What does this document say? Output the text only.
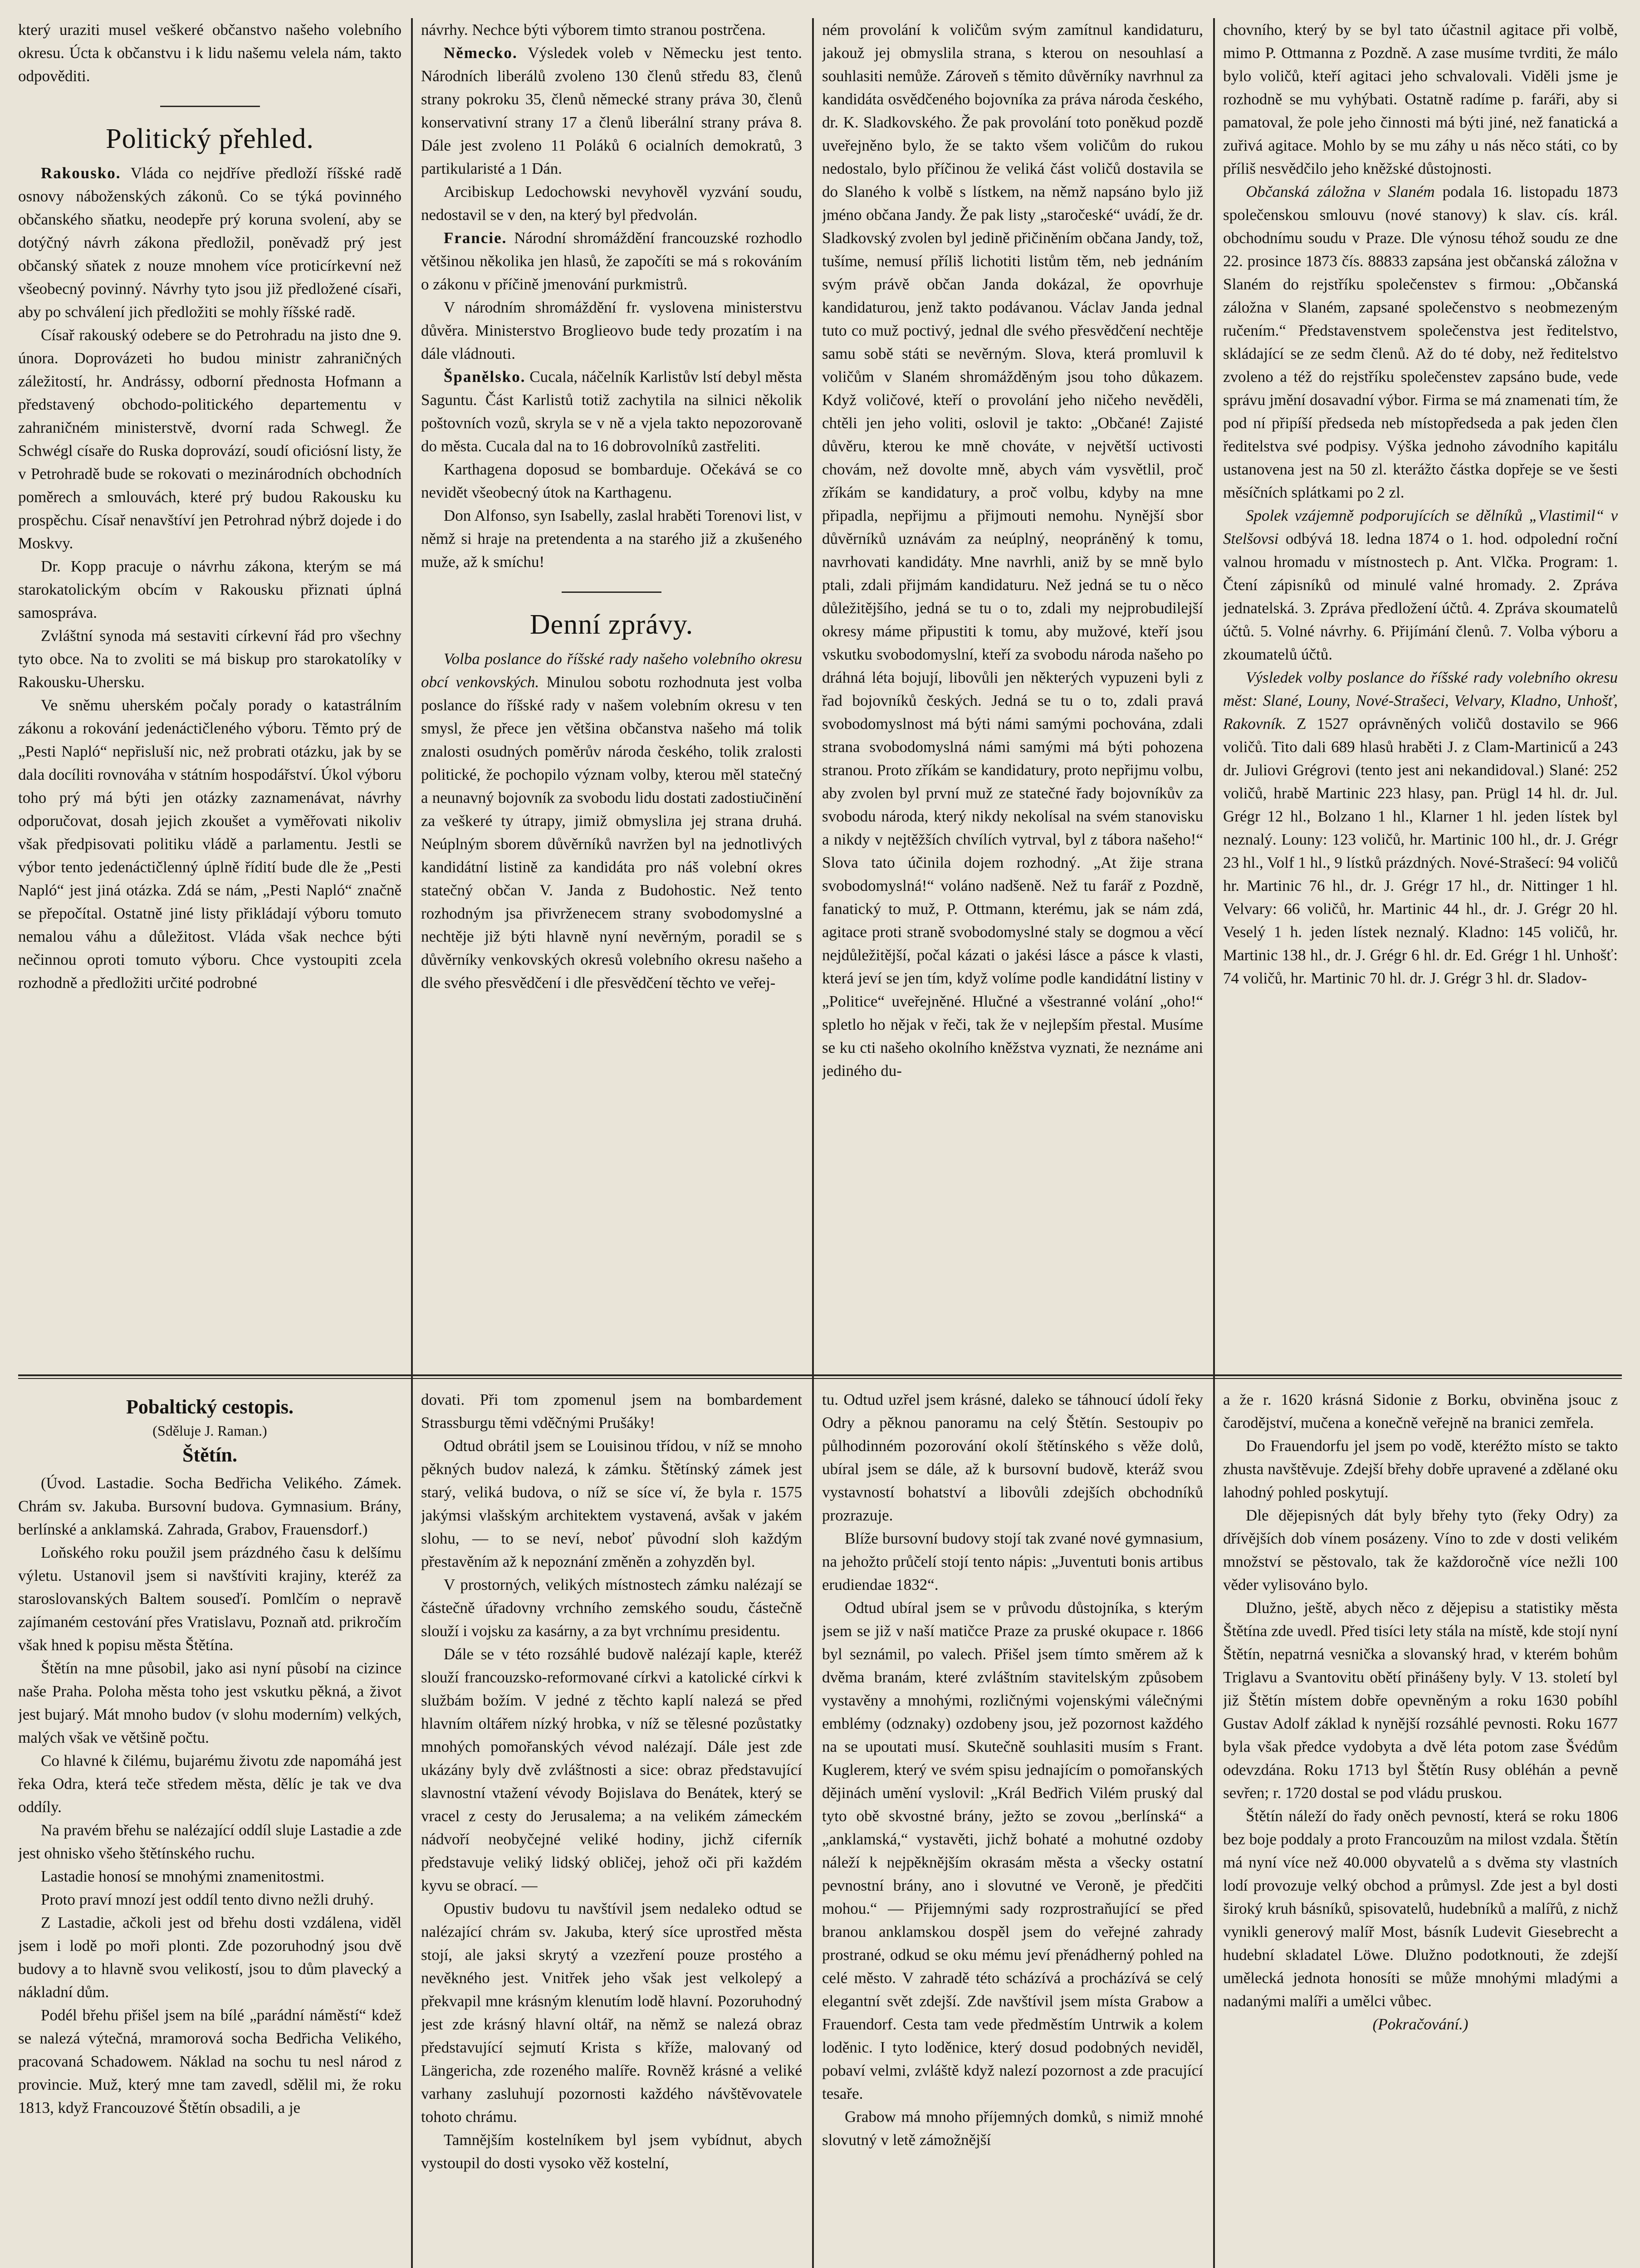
který uraziti musel veškeré občanstvo našeho volebního okresu. Úcta k občanstvu i k lidu našemu velela nám, takto odpověditi.

Politický přehled.

Rakousko. Vláda co nejdříve předloží říšské radě osnovy náboženských zákonů. Co se týká povinného občanského sňatku, neodepře prý koruna svolení, aby se dotýčný návrh zákona předložil, poněvadž prý jest občanský sňatek z nouze mnohem více proticírkevní než všeobecný povinný. Návrhy tyto jsou již předložené císaři, aby po schválení jich předložiti se mohly říšské radě.

Císař rakouský odebere se do Petrohradu na jisto dne 9. února. Doprovázeti ho budou ministr zahraničných záležitostí, hr. Andrássy, odborní přednosta Hofmann a představený obchodo-politického departementu v zahraničném ministerstvě, dvorní rada Schwegl. Že Schwégl císaře do Ruska doprovází, soudí oficiósní listy, že v Petrohradě bude se rokovati o mezinárodních obchodních poměrech a smlouvách, které prý budou Rakousku ku prospěchu. Císař nenavštíví jen Petrohrad nýbrž dojede i do Moskvy.

Dr. Kopp pracuje o návrhu zákona, kterým se má starokatolickým obcím v Rakousku přiznati úplná samospráva.

Zvláštní synoda má sestaviti církevní řád pro všechny tyto obce. Na to zvoliti se má biskup pro starokatolíky v Rakousku-Uhersku.

Ve sněmu uherském počaly porady o katastrálním zákonu a rokování jedenáctičleného výboru. Těmto prý de „Pesti Napló“ nepřisluší nic, než probrati otázku, jak by se dala docíliti rovnováha v státním hospodářství. Úkol výboru toho prý má býti jen otázky zaznamenávat, návrhy odporučovat, dosah jejich zkoušet a vyměřovati nikoliv však předpisovati politiku vládě a parlamentu. Jestli se výbor tento jedenáctičlenný úplně řídití bude dle že „Pesti Napló“ jest jiná otázka. Zdá se nám, „Pesti Napló“ značně se přepočítal. Ostatně jiné listy přikládají výboru tomuto nemalou váhu a důležitost. Vláda však nechce býti nečinnou oproti tomuto výboru. Chce vystoupiti zcela rozhodně a předložiti určité podrobné

návrhy. Nechce býti výborem timto stranou postrčena.

Německo. Výsledek voleb v Německu jest tento. Národních liberálů zvoleno 130 členů středu 83, členů strany pokroku 35, členů německé strany práva 30, členů konservativní strany 17 a členů liberální strany práva 8. Dále jest zvoleno 11 Poláků 6 ocialních demokratů, 3 partikularisté a 1 Dán.

Arcibiskup Ledochowski nevyhověl vyzvání soudu, nedostavil se v den, na který byl předvolán.

Francie. Národní shromáždění francouzské rozhodlo většinou několika jen hlasů, že započíti se má s rokováním o zákonu v příčině jmenování purkmistrů.

V národním shromáždění fr. vyslovena ministerstvu důvěra. Ministerstvo Broglieovo bude tedy prozatím i na dále vládnouti.

Španělsko. Cucala, náčelník Karlistův lstí debyl města Saguntu. Část Karlistů totiž zachytila na silnici několik poštovních vozů, skryla se v ně a vjela takto nepozorovaně do města. Cucala dal na to 16 dobrovolníků zastřeliti.

Karthagena doposud se bombarduje. Očekává se co nevidět všeobecný útok na Karthagenu.

Don Alfonso, syn Isabelly, zaslal hraběti Torenovi list, v němž si hraje na pretendenta a na starého již a zkušeného muže, až k smíchu!

Denní zprávy.

Volba poslance do říšské rady našeho volebního okresu obcí venkovských. Minulou sobotu rozhodnuta jest volba poslance do říšské rady v našem volebním okresu v ten smysl, že přece jen většina občanstva našeho má tolik znalosti osudných poměrův národa českého, tolik zralosti politické, že pochopilo význam volby, kterou měl statečný a neunavný bojovník za svobodu lidu dostati zadostiučinění za veškeré ty útrapy, jimiž obmysliла jej strana druhá. Neúplným sborem důvěrníků navržen byl na jednotlivých kandidátní listině za kandidáta pro náš volební okres statečný občan V. Janda z Budohostic. Než tento rozhodným jsa přivrženecem strany svobodomyslné a nechtěje již býti hlavně nyní nevěrným, poradil se s důvěrníky venkovských okresů volebního okresu našeho a dle svého přesvědčení i dle přesvědčení těchto ve veřej-

ném provolání k voličům svým zamítnul kandidaturu, jakouž jej obmyslila strana, s kterou on nesouhlasí a souhlasiti nemůže. Zároveň s těmito důvěrníky navrhnul za kandidáta osvědčeného bojovníka za práva národa českého, dr. K. Sladkovského. Že pak provolání toto poněkud pozdě uveřejněno bylo, že se takto všem voličům do rukou nedostalo, bylo příčinou že veliká část voličů dostavila se do Slaného k volbě s lístkem, na němž napsáno bylo již jméno občana Jandy. Že pak listy „staročeské“ uvádí, že dr. Sladkovský zvolen byl jedině přičiněním občana Jandy, tož, tušíme, nemusí příliš lichotiti listům těm, neb jednáním svým právě občan Janda dokázal, že opovrhuje kandidaturou, jenž takto podávanou. Václav Janda jednal tuto co muž poctivý, jednal dle svého přesvědčení nechtěje samu sobě státi se nevěrným. Slova, která promluvil k voličům v Slaném shromážděným jsou toho důkazem. Když voličové, kteří o provolání jeho ničeho nevěděli, chtěli jen jeho voliti, oslovil je takto: „Občané! Zajisté důvěru, kterou ke mně chováte, v největší uctivosti chovám, než dovolte mně, abych vám vysvětlil, proč zříkám se kandidatury, a proč volbu, kdyby na mne připadla, nepřijmu a přijmouti nemohu. Nynější sbor důvěrníků uznávám za neúplný, neopráněný k tomu, navrhovati kandidáty. Mne navrhli, aniž by se mně bylo ptali, zdali přijmám kandidaturu. Než jedná se tu o něco důležitějšího, jedná se tu o to, zdali my nejprobudilejší okresy máme připustiti k tomu, aby mužové, kteří jsou vskutku svobodomyslní, kteří za svobodu národa našeho po dráhná léta bojují, libovůli jen některých vypuzeni byli z řad bojovníků českých. Jedná se tu o to, zdali pravá svobodomyslnost má býti námi samými pochována, zdali strana svobodomyslná námi samými má býti pohozena stranou. Proto zříkám se kandidatury, proto nepřijmu volbu, aby zvolen byl první muž ze statečné řady bojovníkův za svobodu národa, který nikdy nekolísal na svém stanovisku a nikdy v nejtěžších chvílích vytrval, byl z tábora našeho!“ Slova tato účinila dojem rozhodný. „At žije strana svobodomyslná!“ voláno nadšeně. Než tu farář z Pozdně, fanatický to muž, P. Ottmann, kterému, jak se nám zdá, agitace proti straně svobodomyslné staly se dogmou a věcí nejdůležitější, počal kázati o jakési lásce a pásce k vlasti, která jeví se jen tím, když volíme podle kandidátní listiny v „Politice“ uveřejněné. Hlučné a všestranné volání „oho!“ spletlo ho nějak v řeči, tak že v nejlepším přestal. Musíme se ku cti našeho okolního kněžstva vyznati, že neznáme ani jediného du-

chovního, který by se byl tato účastnil agitace při volbě, mimo P. Ottmanna z Pozdně. A zase musíme tvrditi, že málo bylo voličů, kteří agitaci jeho schvalovali. Viděli jsme je rozhodně se mu vyhýbati. Ostatně radíme p. faráři, aby si pamatoval, že pole jeho činnosti má býti jiné, než fanatická a zuřivá agitace. Mohlo by se mu záhy u nás něco státi, co by příliš nesvědčilo jeho kněžské důstojnosti.

Občanská záložna v Slaném podala 16. listopadu 1873 společenskou smlouvu (nové stanovy) k slav. cís. král. obchodnímu soudu v Praze. Dle výnosu téhož soudu ze dne 22. prosince 1873 čís. 88833 zapsána jest občanská záložna v Slaném do rejstříku společenstev s firmou: „Občanská záložna v Slaném, zapsané společenstvo s neobmezeným ručením.“ Představenstvem společenstva jest ředitelstvo, skládající se ze sedm členů. Až do té doby, než ředitelstvo zvoleno a též do rejstříku společenstev zapsáno bude, vede správu jmění dosavadní výbor. Firma se má znamenati tím, že pod ní připíší předseda neb místopředseda a pak jeden člen ředitelstva své podpisy. Výška jednoho závodního kapitálu ustanovena jest na 50 zl. kterážto částka dopřeje se ve šesti měsíčních splátkami po 2 zl.

Spolek vzájemně podporujících se dělníků „Vlastimil“ v Stelšovsi odbývá 18. ledna 1874 o 1. hod. odpolední roční valnou hromadu v místnostech p. Ant. Vlčka. Program: 1. Čtení zápisníků od minulé valné hromady. 2. Zpráva jednatelská. 3. Zpráva předložení účtů. 4. Zpráva skoumatelů účtů. 5. Volné návrhy. 6. Přijímání členů. 7. Volba výboru a zkoumatelů účtů.

Výsledek volby poslance do říšské rady volebního okresu měst: Slané, Louny, Nové-Strašeci, Velvary, Kladno, Unhošť, Rakovník. Z 1527 oprávněných voličů dostavilo se 966 voličů. Tito dali 689 hlasů hraběti J. z Clam-Martinicű a 243 dr. Juliovi Grégrovi (tento jest ani nekandidoval.) Slané: 252 voličů, hrabě Martinic 223 hlasy, pan. Prügl 14 hl. dr. Jul. Grégr 12 hl., Bolzano 1 hl., Klarner 1 hl. jeden lístek byl neznalý. Louny: 123 voličů, hr. Martinic 100 hl., dr. J. Grégr 23 hl., Volf 1 hl., 9 lístků prázdných. Nové-Strašecí: 94 voličů hr. Martinic 76 hl., dr. J. Grégr 17 hl., dr. Nittinger 1 hl. Velvary: 66 voličů, hr. Martinic 44 hl., dr. J. Grégr 20 hl. Veselý 1 h. jeden lístek neznalý. Kladno: 145 voličů, hr. Martinic 138 hl., dr. J. Grégr 6 hl. dr. Ed. Grégr 1 hl. Unhošť: 74 voličů, hr. Martinic 70 hl. dr. J. Grégr 3 hl. dr. Sladov-

Pobaltický cestopis.
(Sděluje J. Raman.)
Štětín.

(Úvod. Lastadie. Socha Bedřicha Velikého. Zámek. Chrám sv. Jakuba. Bursovní budova. Gymnasium. Brány, berlínské a anklamská. Zahrada, Grabov, Frauensdorf.)

Loňského roku použil jsem prázdného času k delšímu výletu. Ustanovil jsem si navštíviti krajiny, kteréž za staroslovanských Baltem souseďí. Pomlčím o nepravě zajímaném cestování přes Vratislavu, Poznaň atd. prikročím však hned k popisu města Štětína.

Štětín na mne působil, jako asi nyní působí na cizince naše Praha. Poloha města toho jest vskutku pěkná, a život jest bujarý. Mát mnoho budov (v slohu moderním) velkých, malých však ve většině počtu.

Co hlavné k čilému, bujarému životu zde napomáhá jest řeka Odra, která teče středem města, dělíc je tak ve dva oddíly.

Na pravém břehu se nalézající oddíl sluje Lastadie a zde jest ohnisko všeho štětínského ruchu.

Lastadie honosí se mnohými znamenitostmi.

Proto praví mnozí jest oddíl tento divno nežli druhý.

Z Lastadie, ačkoli jest od břehu dosti vzdálena, viděl jsem i lodě po moři plonti. Zde pozoruhodný jsou dvě budovy a to hlavně svou velikostí, jsou to dům plavecký a nákladní dům.

Podél břehu přišel jsem na bílé „parádní náměstí“ kdež se nalezá výtečná, mramorová socha Bedřicha Velikého, pracovaná Schadowem. Náklad na sochu tu nesl národ z provincie. Muž, který mne tam zavedl, sdělil mi, že roku 1813, když Francouzové Štětín obsadili, a je

dovati. Při tom zpomenul jsem na bombardement Strassburgu těmi vděčnými Prušáky!

Odtud obrátil jsem se Louisinou třídou, v níž se mnoho pěkných budov nalezá, k zámku. Štětínský zámek jest starý, veliká budova, o níž se síce ví, že byla r. 1575 jakýmsi vlašským architektem vystavená, avšak v jakém slohu, — to se neví, neboť původní sloh každým přestavěním až k nepoznání změněn a zohyzděn byl.

V prostorných, velikých místnostech zámku nalézají se částečně úřadovny vrchního zemského soudu, částečně slouží i vojsku za kasárny, a za byt vrchnímu presidentu.

Dále se v této rozsáhlé budově nalézají kaple, kteréž slouží francouzsko-reformované církvi a katolické církvi k službám božím. V jedné z těchto kaplí nalezá se před hlavním oltářem nízký hrobka, v níž se tělesné pozůstatky mnohých pomořanských vévod nalézají. Dále jest zde ukázány byly dvě zvláštnosti a sice: obraz představující slavnostní vtažení vévody Bojislava do Benátek, který se vracel z cesty do Jerusalema; a na velikém zámeckém nádvoří neobyčejné veliké hodiny, jichž ciferník představuje veliký lidský obličej, jehož oči při každém kyvu se obrací. —

Opustiv budovu tu navštívil jsem nedaleko odtud se nalézající chrám sv. Jakuba, který síce uprostřed města stojí, ale jaksi skrytý a vzezření pouze prostého a nevěkného jest. Vnitřek jeho však jest velkolepý a překvapil mne krásným klenutím lodě hlavní. Pozoruhodný jest zde krásný hlavní oltář, na němž se nalezá obraz představující sejmutí Krista s kříže, malovaný od Längericha, zde rozeného malíře. Rovněž krásné a veliké varhany zasluhují pozornosti každého návštěvovatele tohoto chrámu.

Tamnějším kostelníkem byl jsem vybídnut, abych vystoupil do dosti vysoko věž kostelní,

tu. Odtud uzřel jsem krásné, daleko se táhnoucí údolí řeky Odry a pěknou panoramu na celý Štětín. Sestoupiv po půlhodinném pozorování okolí štětínského s věže dolů, ubíral jsem se dále, až k bursovní budově, kteráž svou vystavností bohatství a libovůli zdejších obchodníků prozrazuje.

Blíže bursovní budovy stojí tak zvané nové gymnasium, na jehožto průčelí stojí tento nápis: „Juventuti bonis artibus erudiendae 1832“.

Odtud ubíral jsem se v průvodu důstojníka, s kterým jsem se již v naší matičce Praze za pruské okupace r. 1866 byl seznámil, po valech. Přišel jsem tímto směrem až k dvěma branám, které zvláštním stavitelským způsobem vystavěny a mnohými, rozličnými vojenskými válečnými emblémy (odznaky) ozdobeny jsou, jež pozornost každého na se upoutati musí. Skutečně souhlasiti musím s Frant. Kuglerem, který ve svém spisu jednajícím o pomořanských dějinách umění vyslovil: „Král Bedřich Vilém pruský dal tyto obě skvostné brány, ježto se zovou „berlínská“ a „anklamská,“ vystavěti, jichž bohaté a mohutné ozdoby náleží k nejpěknějším okrasám města a všecky ostatní pevnostní brány, ano i slovutné ve Veroně, je předčiti mohou.“ — Přijemnými sady rozprostraňující se před branou anklamskou dospěl jsem do veřejné zahrady prostrané, odkud se oku mému jeví přenádherný pohled na celé město. V zahradě této scházívá a procházívá se celý elegantní svět zdejší. Zde navštívil jsem místa Grabow a Frauendorf. Cesta tam vede předměstím Untrwik a kolem loděnic. I tyto loděnice, který dosud podobných neviděl, pobaví velmi, zvláště když nalezí pozornost a zde pracující tesaře.

Grabow má mnoho příjemných domků, s nimiž mnohé slovutný v letě zámožnější

a že r. 1620 krásná Sidonie z Borku, obviněna jsouc z čarodějství, mučena a konečně veřejně na branici zemřela.

Do Frauendorfu jel jsem po vodě, kteréžto místo se takto zhusta navštěvuje. Zdejší břehy dobře upravené a zdělané oku lahodný pohled poskytují.

Dle dějepisných dát byly břehy tyto (řeky Odry) za dřívějších dob vínem posázeny. Víno to zde v dosti velikém množství se pěstovalo, tak že každoročně více nežli 100 věder vylisováno bylo.

Dlužno, ještě, abych něco z dějepisu a statistiky města Štětína zde uvedl. Před tisíci lety stála na místě, kde stojí nyní Štětín, nepatrná vesnička a slovanský hrad, v kterém bohům Triglavu a Svantovitu obětí přinášeny byly. V 13. století byl již Štětín místem dobře opevněným a roku 1630 pobíhl Gustav Adolf základ k nynější rozsáhlé pevnosti. Roku 1677 byla však předce vydobyta a dvě léta potom zase Švédům odevzdána. Roku 1713 byl Štětín Rusy obléhán a pevně sevřen; r. 1720 dostal se pod vládu pruskou.

Štětín náleží do řady oněch pevností, která se roku 1806 bez boje poddaly a proto Francouzům na milost vzdala. Štětín má nyní více než 40.000 obyvatelů a s dvěma sty vlastních lodí provozuje velký obchod a průmysl. Zde jest a byl dosti široký kruh básníků, spisovatelů, hudebníků a malířů, z nichž vynikli generový malíř Most, básník Ludevit Giesebrecht a hudební skladatel Löwe. Dlužno podotknouti, že zdejší umělecká jednota honosíti se může mnohými mladými a nadanými malíři a umělci vůbec.

(Pokračování.)
